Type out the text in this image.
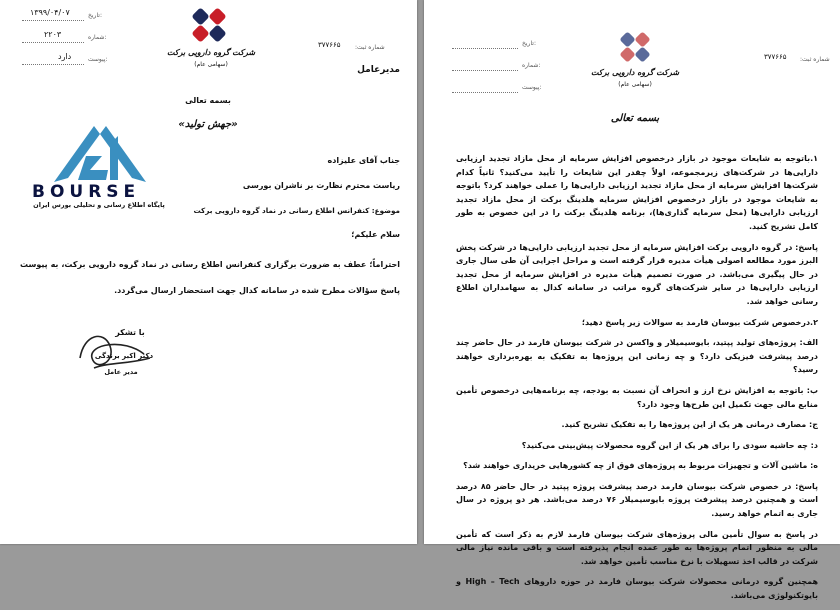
تاریخ:
۱۳۹۹/۰۴/۰۷
شماره:
۲۲۰۳
پیوست:
دارد
شماره ثبت:
۳۷۷۶۶۵
شرکت گروه دارویی برکت
(سهامی عام)
مدیرعامل
بسمه تعالی
«جهش تولید»
BOURSE
پایگاه اطلاع رسانی و تحلیلی بورس ایران
جناب آقای علیزاده
ریاست محترم نظارت بر ناشران بورسی
موضوع: کنفرانس اطلاع رسانی در نماد گروه دارویی برکت
سلام علیکم؛
احتراماً؛ عطف به ضرورت برگزاری کنفرانس اطلاع رسانی در نماد گروه دارویی برکت، به پیوست پاسخ سؤالات مطرح شده در سامانه کدال جهت استحضار ارسال می‌گردد.
با تشکر
دکتر اکبر برندگی
مدیر عامل
تاریخ:
شماره:
پیوست:
شماره ثبت:
۳۷۷۶۶۵
شرکت گروه دارویی برکت
(سهامی عام)
بسمه تعالی

۱.باتوجه به شایعات موجود در بازار درخصوص افزایش سرمایه از محل مازاد تجدید ارزیابی دارایی‌ها در شرکت‌های زیرمجموعه، اولاً چقدر این شایعات را تأیید می‌کنید؟ ثانیاً کدام شرکت‌ها افزایش سرمایه از محل مازاد تجدید ارزیابی دارایی‌ها را عملی خواهند کرد؟ باتوجه به شایعات موجود در بازار درخصوص افزایش سرمایه هلدینگ برکت از محل مازاد تجدید ارزیابی دارایی‌ها (محل سرمایه گذاری‌ها)، برنامه هلدینگ برکت را در این خصوص به طور کامل تشریح کنید.

پاسخ: در گروه دارویی برکت افزایش سرمایه از محل تجدید ارزیابی دارایی‌ها در شرکت پخش البرز مورد مطالعه اصولی هیأت مدیره قرار گرفته است و مراحل اجرایی آن طی سال جاری در حال پیگیری می‌باشد. در صورت تصمیم هیأت مدیره در افزایش سرمایه از محل تجدید ارزیابی دارایی‌ها در سایر شرکت‌های گروه مراتب در سامانه کدال به سهامداران اطلاع رسانی خواهد شد.

۲.درخصوص شرکت بیوسان فارمد به سوالات زیر پاسخ دهید؛

الف: پروژه‌های تولید پپتید، بایوسیمیلار و واکسن در شرکت بیوسان فارمد در حال حاضر چند درصد پیشرفت فیزیکی دارد؟ و چه زمانی این پروژه‌ها به تفکیک به بهره‌برداری خواهند رسید؟

ب: باتوجه به افزایش نرخ ارز و انحراف آن نسبت به بودجه، چه برنامه‌هایی درخصوص تأمین منابع مالی جهت تکمیل این طرح‌ها وجود دارد؟

ج: مصارف درمانی هر یک از این پروژه‌ها را به تفکیک تشریح کنید.

د: چه حاشیه سودی را برای هر یک از این گروه محصولات پیش‌بینی می‌کنید؟

ه: ماشین آلات و تجهیزات مربوط به پروژه‌های فوق از چه کشورهایی خریداری خواهند شد؟

پاسخ: در خصوص شرکت بیوسان فارمد درصد پیشرفت پروژه پپتید در حال حاضر ۸۵ درصد است و همچنین درصد پیشرفت پروژه بایوسیمیلار ۷۶ درصد می‌باشد. هر دو پروژه در سال جاری به اتمام خواهد رسید.

در پاسخ به سوال تأمین مالی پروژه‌های شرکت بیوسان فارمد لازم به ذکر است که تأمین مالی به منظور اتمام پروژه‌ها به طور عمده انجام پذیرفته است و باقی مانده نیاز مالی شرکت در قالب اخذ تسهیلات با نرخ مناسب تأمین خواهد شد.

همچنین گروه درمانی محصولات شرکت بیوسان فارمد در حوزه داروهای High – Tech و بایوتکنولوژی می‌باشد.
